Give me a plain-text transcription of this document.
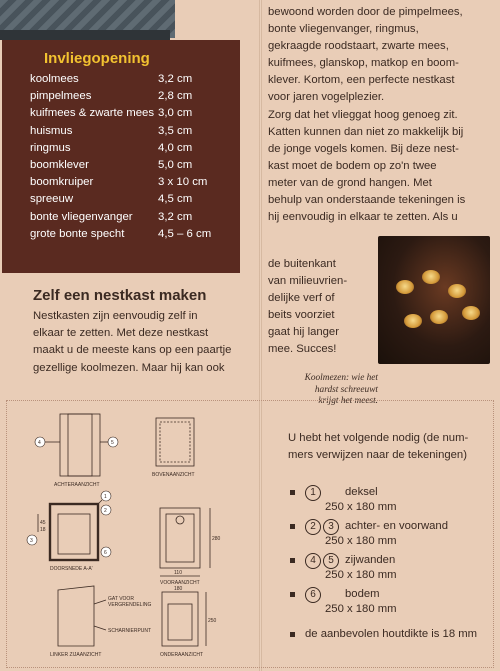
Invliegopening
koolmees	3,2 cm
pimpelmees	2,8 cm
kuifmees & zwarte mees 3,0 cm
huismus	3,5 cm
ringmus	4,0 cm
boomklever	5,0 cm
boomkruiper	3 x 10 cm
spreeuw	4,5 cm
bonte vliegenvanger 3,2 cm
grote bonte specht	4,5 – 6 cm
Zelf een nestkast maken
Nestkasten zijn eenvoudig zelf in
elkaar te zetten. Met deze nestkast
maakt u de meeste kans op een paartje
gezellige koolmezen. Maar hij kan ook
bewoond worden door de pimpelmees,
bonte vliegenvanger, ringmus,
gekraagde roodstaart, zwarte mees,
kuifmees, glanskop, matkop en boom-
klever. Kortom, een perfecte nestkast
voor jaren vogelplezier.
Zorg dat het vlieggat hoog genoeg zit.
Katten kunnen dan niet zo makkelijk bij
de jonge vogels komen. Bij deze nest-
kast moet de bodem op zo'n twee
meter van de grond hangen. Met
behulp van onderstaande tekeningen is
hij eenvoudig in elkaar te zetten. Als u
de buitenkant
van milieuvrien-
delijke verf of
beits voorziet
gaat hij langer
mee. Succes!
Koolmezen: wie het
hardst schreeuwt
krijgt het meest.
4	5
1
2
3
6
ACHTERAANZICHT
BOVENAANZICHT
DOORSNEDE A-A'
VOORAANZICHT
LINKER ZIJAANZICHT	ONDERAANZICHT
GAT VOOR
VERGRENDELING
SCHARNIERPUNT
280
110
180
250
45
18
U hebt het volgende nodig (de num-
mers verwijzen naar de tekeningen)
1	deksel
250 x 180 mm
2 3 achter- en voorwand
250 x 180 mm
4 5 zijwanden
250 x 180 mm
6	bodem
250 x 180 mm
de aanbevolen houtdikte is 18 mm
